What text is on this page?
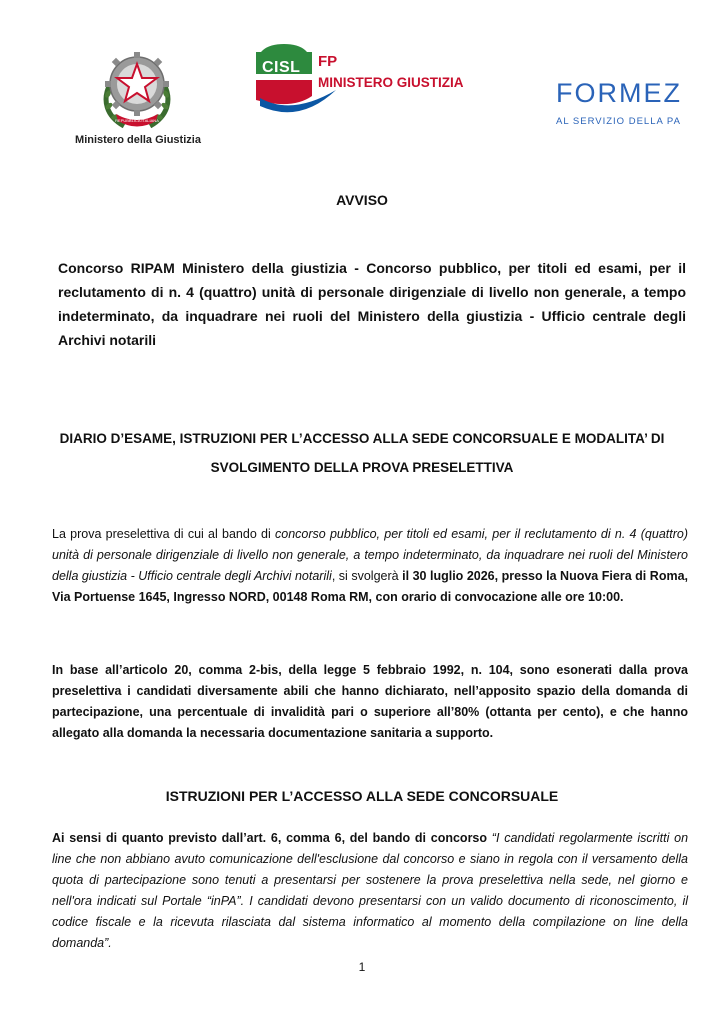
REPUBBLICA ITALIANA
Ministero della Giustizia
CISL FP
MINISTERO GIUSTIZIA	FORMEZ
AL SERVIZIO DELLA PA
AVVISO
Concorso RIPAM Ministero della giustizia - Concorso pubblico, per titoli ed esami, per il reclutamento di n. 4 (quattro) unità di personale dirigenziale di livello non generale, a tempo indeterminato, da inquadrare nei ruoli del Ministero della giustizia - Ufficio centrale degli Archivi notarili
DIARIO D’ESAME, ISTRUZIONI PER L’ACCESSO ALLA SEDE CONCORSUALE E MODALITA’ DI SVOLGIMENTO DELLA PROVA PRESELETTIVA
La prova preselettiva di cui al bando di concorso pubblico, per titoli ed esami, per il reclutamento di n. 4 (quattro) unità di personale dirigenziale di livello non generale, a tempo indeterminato, da inquadrare nei ruoli del Ministero della giustizia - Ufficio centrale degli Archivi notarili, si svolgerà il 30 luglio 2026, presso la Nuova Fiera di Roma, Via Portuense 1645, Ingresso NORD, 00148 Roma RM, con orario di convocazione alle ore 10:00.
In base all’articolo 20, comma 2-bis, della legge 5 febbraio 1992, n. 104, sono esonerati dalla prova preselettiva i candidati diversamente abili che hanno dichiarato, nell’apposito spazio della domanda di partecipazione, una percentuale di invalidità pari o superiore all’80% (ottanta per cento), e che hanno allegato alla domanda la necessaria documentazione sanitaria a supporto.
ISTRUZIONI PER L’ACCESSO ALLA SEDE CONCORSUALE
Ai sensi di quanto previsto dall’art. 6, comma 6, del bando di concorso “I candidati regolarmente iscritti on line che non abbiano avuto comunicazione dell'esclusione dal concorso e siano in regola con il versamento della quota di partecipazione sono tenuti a presentarsi per sostenere la prova preselettiva nella sede, nel giorno e nell'ora indicati sul Portale “inPA”. I candidati devono presentarsi con un valido documento di riconoscimento, il codice fiscale e la ricevuta rilasciata dal sistema informatico al momento della compilazione on line della domanda”.
1
